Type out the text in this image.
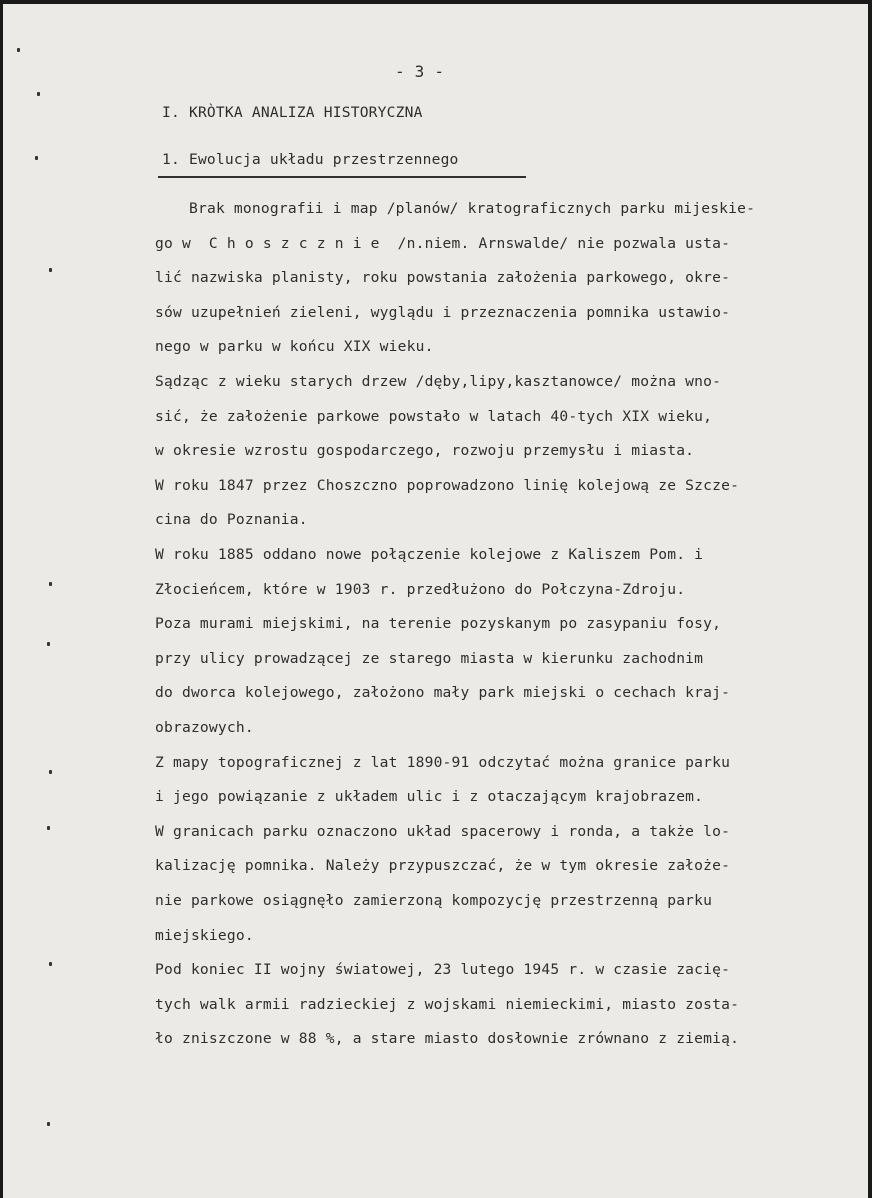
- 3 -
I. KRÒTKA ANALIZA HISTORYCZNA
1. Ewolucja układu przestrzennego
Brak monografii i map /planów/ kratograficznych parku mijeskie-
go w  C h o s z c z n i e  /n.niem. Arnswalde/ nie pozwala usta-
lić nazwiska planisty, roku powstania założenia parkowego, okre-
sów uzupełnień zieleni, wyglądu i przeznaczenia pomnika ustawio-
nego w parku w końcu XIX wieku.
Sądząc z wieku starych drzew /dęby,lipy,kasztanowce/ można wno-
sić, że założenie parkowe powstało w latach 40-tych XIX wieku,
w okresie wzrostu gospodarczego, rozwoju przemysłu i miasta.
W roku 1847 przez Choszczno poprowadzono linię kolejową ze Szcze-
cina do Poznania.
W roku 1885 oddano nowe połączenie kolejowe z Kaliszem Pom. i
Złocieńcem, które w 1903 r. przedłużono do Połczyna-Zdroju.
Poza murami miejskimi, na terenie pozyskanym po zasypaniu fosy,
przy ulicy prowadzącej ze starego miasta w kierunku zachodnim
do dworca kolejowego, założono mały park miejski o cechach kraj-
obrazowych.
Z mapy topograficznej z lat 1890-91 odczytać można granice parku
i jego powiązanie z układem ulic i z otaczającym krajobrazem.
W granicach parku oznaczono układ spacerowy i ronda, a także lo-
kalizację pomnika. Należy przypuszczać, że w tym okresie założe-
nie parkowe osiągnęło zamierzoną kompozycję przestrzenną parku
miejskiego.
Pod koniec II wojny światowej, 23 lutego 1945 r. w czasie zacię-
tych walk armii radzieckiej z wojskami niemieckimi, miasto zosta-
ło zniszczone w 88 %, a stare miasto dosłownie zrównano z ziemią.
